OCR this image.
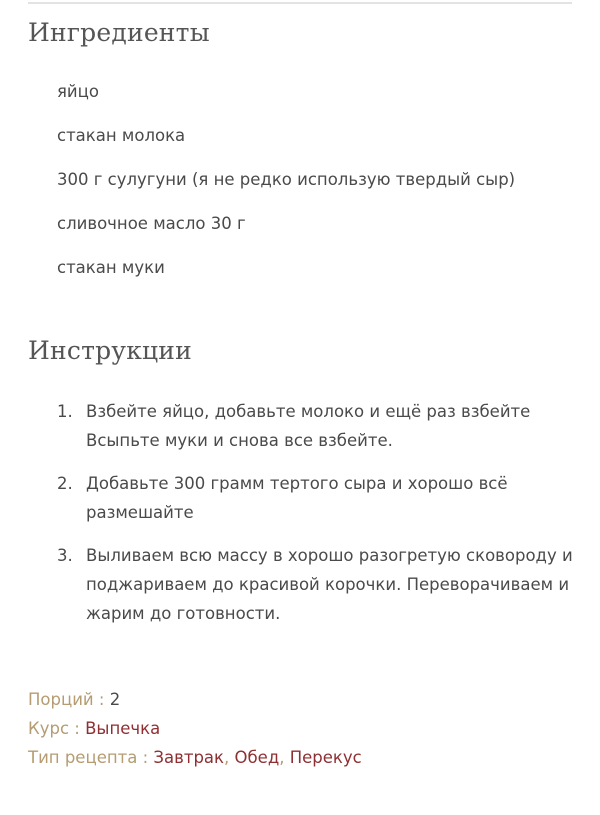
Ингредиенты
яйцо
стакан молока
300 г сулугуни (я не редко использую твердый сыр)
сливочное масло 30 г
стакан муки
Инструкции
1. Взбейте яйцо, добавьте молоко и ещё раз взбейте Всыпьте муки и снова все взбейте.
2. Добавьте 300 грамм тертого сыра и хорошо всё размешайте
3. Выливаем всю массу в хорошо разогретую сковороду и поджариваем до красивой корочки. Переворачиваем и жарим до готовности.
Порций : 2
Курс : Выпечка
Тип рецепта : Завтрак, Обед, Перекус
